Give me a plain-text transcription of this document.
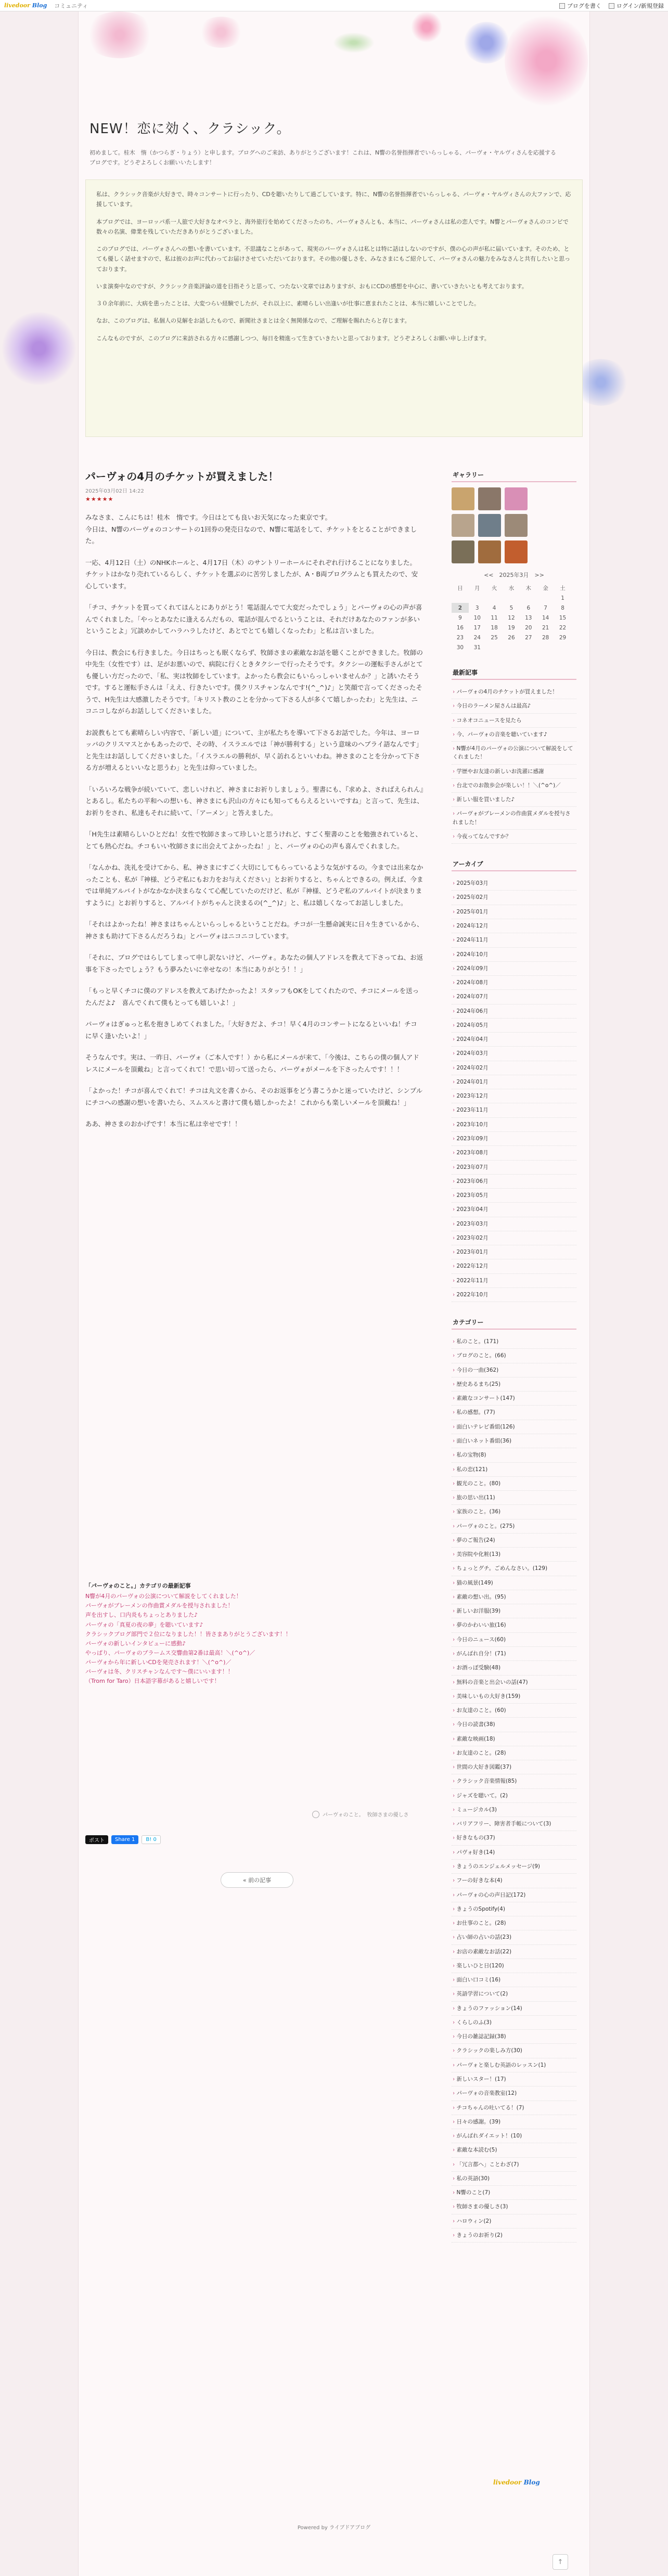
livedoor Blog コミュニティ	ブログを書く	ログイン/新規登録
NEW！恋に効く、クラシック。
初めまして。桂木　惰（かつらぎ・りょう）と申します。ブログへのご来訪、ありがとうございます！これは、N響の名誉指揮者でいらっしゃる、パーヴォ・ヤルヴィさんを応援するブログです。どうぞよろしくお願いいたします！

私は、クラシック音楽が大好きで、時々コンサートに行ったり、CDを聴いたりして過ごしています。特に、N響の名誉指揮者でいらっしゃる、パーヴォ・ヤルヴィさんの大ファンで、応援しています。

本ブログでは、ヨーロッパ系一人旅で大好きなオペラと、海外旅行を始めてくださったのち、パーヴォさんとも、本当に、パーヴォさんは私の恋人です。N響とパーヴォさんのコンビで数々の名演、偉業を残していただきありがとうございました。

このブログでは、パーヴォさんへの想いを書いています。不思議なことがあって、現実のパーヴォさんは私とは特に話はしないのですが、僕の心の声が私に届いています。そのため、とても優しく話せますので、私は彼のお声に代わってお届けさせていただいております。その他の優しさを、みなさまにもご紹介して、パーヴォさんの魅力をみなさんと共有したいと思っております。

いま演奏中なのですが、クラシック音楽評論の道を目指そうと思って、つたない文章ではありますが、おもにCDの感想を中心に、書いていきたいとも考えております。

３０余年前に、大病を患ったことは、大変つらい経験でしたが、それ以上に、素晴らしい出逢いが仕事に恵まれたことは、本当に嬉しいことでした。

なお、このブログは、私個人の見解をお話したもので、新聞社さまとは全く無関係なので、ご理解を賜れたらと存じます。

こんなものですが、このブログに来訪される方々に感謝しつつ、毎日を精進って生きていきたいと思っております。どうぞよろしくお願い申し上げます。

パーヴォの4月のチケットが買えました！
2025年03月02日 14:22
★★★★★

みなさま、こんにちは！桂木　惰です。今日はとても良いお天気になった東京です。
今日は、N響のパーヴォのコンサートの1回券の発売日なので、N響に電話をして、チケットをとることができました。

一応、4月12日（土）のNHKホールと、4月17日（木）のサントリーホールにそれぞれ行けることになりました。
チケットはかなり売れているらしく、チケットを選ぶのに苦労しましたが、A・B両プログラムとも買えたので、安心しています。

「チコ、チケットを買ってくれてほんとにありがとう！電話混んでて大変だったでしょう」とパーヴォの心の声が喜んでくれました。「やっとあなたに逢えるんだもの、電話が混んでるということは、それだけあなたのファンが多いということよ」冗談めかしてハラハラしたけど、あとでとても嬉しくなったわ」と私は言いました。

今日は、教会にも行きました。今日はちっとも眠くならず、牧師さまの素敵なお話を聴くことができました。牧師の中先生（女性です）は、足がお悪いので、病院に行くときタクシーで行ったそうです。タクシーの運転手さんがとても優しい方だったので、「私、実は牧師をしています。よかったら教会にもいらっしゃいませんか？」と誘いたそうです。すると運転手さんは「ええ、行きたいです。僕クリスチャンなんです!(^_^)♪」と笑顔で言ってくださったそうで、H先生は大感激したそうです。「キリスト教のことを分かって下さる人が多くて嬉しかったわ」と先生は、ニコニコしながらお話ししてくださいました。

お説教もとても素晴らしい内容で、「新しい道」について、主が私たちを導いて下さるお話でした。今年は、ヨーロッパのクリスマスとかもあったので、その時、イスラエルでは「神が勝利する」という意味のヘブライ語なんです」と先生はお話ししてくださいました。「イスラエルの勝利が、早く訪れるといいわね。神さまのことを分かって下さる方が増えるといいなと思うわ」と先生は仰っていました。

「いろいろな戦争が続いていて、悲しいけれど、神さまにお祈りしましょう。聖書にも、『求めよ、さればえられん』とあるし。私たちの平和への想いも、神さまにも沢山の方々にも知ってもらえるといいですね」と言って、先生は、お祈りをされ、私達もそれに続いて、「アーメン」と答えました。

「H先生は素晴らしいひとだね！女性で牧師さまって珍しいと思うけれど、すごく聖書のことを勉強されていると、とても熱心だね。チコもいい牧師さまに出会えてよかったね！」と、パーヴォの心の声も喜んでくれました。

「なんかね、洗礼を受けてから、私、神さまにすごく大切にしてもらっているような気がするの。今までは出来なかったことも、私が『神様、どうぞ私にもお力をお与えください』とお祈りすると、ちゃんとできるの。例えば、今までは単純アルバイトがなかなか決まらなくて心配していたのだけど、私が『神様、どうぞ私のアルバイトが決まりますように』とお祈りすると、アルバイトがちゃんと決まるの(^_^)♪」と、私は嬉しくなってお話ししました。

「それはよかったね！神さまはちゃんといらっしゃるということだね。チコが一生懸命誠実に日々生きているから、神さまも助けて下さるんだろうね」とパーヴォはニコニコしています。

「それに、ブログではらしてしまって申し訳ないけど、パーヴォ。あなたの個人アドレスを教えて下さってね、お返事を下さったでしょう？もう夢みたいに幸せなの！本当にありがとう！！」

「もっと早くチコに僕のアドレスを教えてあげたかったよ！スタッフもOKをしてくれたので、チコにメールを送ったんだよ♪　喜んでくれて僕もとっても嬉しいよ！」

パーヴォはぎゅっと私を抱きしめてくれました。「大好きだよ、チコ！早く4月のコンサートになるといいね！チコに早く逢いたいよ！」

そうなんです。実は、一昨日、パーヴォ（ご本人です！）から私にメールが来て、「今後は、こちらの僕の個人アドレスにメールを頂戴ね」と言ってくれて！で思い切って送ったら、パーヴォがメールを下さったんです！！！

「よかった！チコが喜んでくれて！チコは丸文を書くから、そのお返事をどう書こうかと迷っていたけど、シンプルにチコへの感謝の想いを書いたら、スムスルと書けて僕も嬉しかったよ！これからも楽しいメールを頂戴ね！」

ああ、神さまのおかげです！本当に私は幸せです！！

「パーヴォのこと。」カテゴリの最新記事
N響が4月のパーヴォの公演について解説をしてくれました！
パーヴォがブレーメンの作曲賞メダルを授与されました！
声を出すし、口内炎もちょっとありました♪
パーヴォの「真夏の夜の夢」を聴いています♪
クラシックブログ部門で２位になりました！！皆さまありがとうございます！！
パーヴォの新しいインタビューに感動♪
やっぱり、パーヴォのプラームス交響曲第2番は最高！＼(^o^)／
パーヴォから年に新しいCDを発売されます！＼(^o^)／
パーヴォは冬、クリスチャンなんです～僕にいいます！！
（Trom for Taro）日本語字幕があると嬉しいです！
パーヴォのこと。 牧師さまの優しさ
ポスト	Share 1	B! 0
« 前の記事
ギャラリー
<<　2025年3月　>>
日	月	火	水	木	金	土
						1
2	3	4	5	6	7	8
9	10	11	12	13	14	15
16	17	18	19	20	21	22
23	24	25	26	27	28	29
30	31					
最新記事
› パーヴォの4月のチケットが買えました！
› 今日のラーメン屋さんは最高♪
› コネオコニュースを見たら
› 今、パーヴォの音楽を聴いています♪
› N響が4月のパーヴォの公演について解説をしてくれました！
› 学歴やお友達の新しいお洗濯に感謝
› 台北でのお散歩会が楽しい！！＼(^o^)／
› 新しい服を買いました♪
› パーヴォがブレーメンの作曲賞メダルを授与されました！
› 今夜ってなんですか？
アーカイブ
› 2025年03月
› 2025年02月
› 2025年01月
› 2024年12月
› 2024年11月
› 2024年10月
› 2024年09月
› 2024年08月
› 2024年07月
› 2024年06月
› 2024年05月
› 2024年04月
› 2024年03月
› 2024年02月
› 2024年01月
› 2023年12月
› 2023年11月
› 2023年10月
› 2023年09月
› 2023年08月
› 2023年07月
› 2023年06月
› 2023年05月
› 2023年04月
› 2023年03月
› 2023年02月
› 2023年01月
› 2022年12月
› 2022年11月
› 2022年10月
カテゴリー
› 私のこと。(171)
› ブログのこと。(66)
› 今日の一曲(362)
› 歴史あるまち(25)
› 素敵なコンサート(147)
› 私の感想。(77)
› 面白いテレビ番組(126)
› 面白いネット番組(36)
› 私の宝物(8)
› 私の恋(121)
› 観光のこと。(80)
› 旅の思い出(11)
› 家族のこと。(36)
› パーヴォのこと。(275)
› 夢のご報告(24)
› 美容院や化粧(13)
› ちょっとグチ。ごめんなさい。(129)
› 猫の風景(149)
› 素敵の想い出。(95)
› 新しいお洋服(39)
› 夢のかわいい旅(16)
› 今日のニュース(60)
› がんばれ自分！(71)
› お酒っぽ受験(48)
› 無料の音楽と出会いの話(47)
› 美味しいもの大好き(159)
› お友達のこと。(60)
› 今日の読書(38)
› 素敵な映画(18)
› お友達のこと。(28)
› 世間の大好き図鑑(37)
› クラシック音楽情報(85)
› ジャズを聴いて。(2)
› ミュージカル(3)
› バリアフリー、障害者手帳について(3)
› 好きなもの(37)
› パヴォ好き(14)
› きょうのエンジェルメッセージ(9)
› フーの好きな本(4)
› パーヴォの心の声日記(172)
› きょうのSpotify(4)
› お仕事のこと。(28)
› 占い師の占いの話(23)
› お店の素敵なお話(22)
› 楽しいひと日(120)
› 面白い口コミ(16)
› 英語学習について(2)
› きょうのファッション(14)
› くらしのふ(3)
› 今日の雑誌記録(38)
› クラシックの楽しみ方(30)
› パーヴォと楽しむ英語のレッスン(1)
› 新しいスター！(17)
› パーヴォの音楽教室(12)
› チコちゃんの吐いてる！(7)
› 日々の感謝。(39)
› がんばれダイエット！(10)
› 素敵な本読む(5)
› 「冗言都へ」ことわざ(7)
› 私の英語(30)
› N響のこと(7)
› 牧師さまの優しさ(3)
› ハロウィン(2)
› きょうのお祈り(2)
livedoor Blog
Powered by ライブドアブログ
↑
